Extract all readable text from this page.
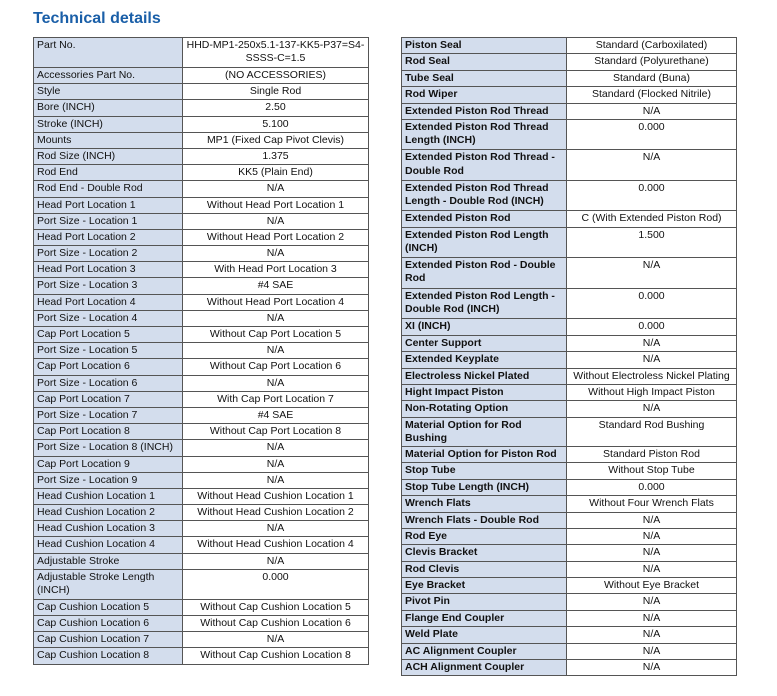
Technical details
Part No.	HHD-MP1-250x5.1-137-KK5-P37=S4-SSSS-C=1.5
Accessories Part No.	(NO ACCESSORIES)
Style	Single Rod
Bore (INCH)	2.50
Stroke (INCH)	5.100
Mounts	MP1 (Fixed Cap Pivot Clevis)
Rod Size (INCH)	1.375
Rod End	KK5 (Plain End)
Rod End - Double Rod	N/A
Head Port Location 1	Without Head Port Location 1
Port Size - Location 1	N/A
Head Port Location 2	Without Head Port Location 2
Port Size - Location 2	N/A
Head Port Location 3	With Head Port Location 3
Port Size - Location 3	#4 SAE
Head Port Location 4	Without Head Port Location 4
Port Size - Location 4	N/A
Cap Port Location 5	Without Cap Port Location 5
Port Size - Location 5	N/A
Cap Port Location 6	Without Cap Port Location 6
Port Size - Location 6	N/A
Cap Port Location 7	With Cap Port Location 7
Port Size - Location 7	#4 SAE
Cap Port Location 8	Without Cap Port Location 8
Port Size - Location 8 (INCH)	N/A
Cap Port Location 9	N/A
Port Size - Location 9	N/A
Head Cushion Location 1	Without Head Cushion Location 1
Head Cushion Location 2	Without Head Cushion Location 2
Head Cushion Location 3	N/A
Head Cushion Location 4	Without Head Cushion Location 4
Adjustable Stroke	N/A
Adjustable Stroke Length (INCH)	0.000
Cap Cushion Location 5	Without Cap Cushion Location 5
Cap Cushion Location 6	Without Cap Cushion Location 6
Cap Cushion Location 7	N/A
Cap Cushion Location 8	Without Cap Cushion Location 8
Piston Seal	Standard (Carboxilated)
Rod Seal	Standard (Polyurethane)
Tube Seal	Standard (Buna)
Rod Wiper	Standard (Flocked Nitrile)
Extended Piston Rod Thread	N/A
Extended Piston Rod Thread Length (INCH)	0.000
Extended Piston Rod Thread - Double Rod	N/A
Extended Piston Rod Thread Length - Double Rod (INCH)	0.000
Extended Piston Rod	C (With Extended Piston Rod)
Extended Piston Rod Length (INCH)	1.500
Extended Piston Rod - Double Rod	N/A
Extended Piston Rod Length - Double Rod (INCH)	0.000
XI (INCH)	0.000
Center Support	N/A
Extended Keyplate	N/A
Electroless Nickel Plated	Without Electroless Nickel Plating
Hight Impact Piston	Without High Impact Piston
Non-Rotating Option	N/A
Material Option for Rod Bushing	Standard Rod Bushing
Material Option for Piston Rod	Standard Piston Rod
Stop Tube	Without Stop Tube
Stop Tube Length (INCH)	0.000
Wrench Flats	Without Four Wrench Flats
Wrench Flats - Double Rod	N/A
Rod Eye	N/A
Clevis Bracket	N/A
Rod Clevis	N/A
Eye Bracket	Without Eye Bracket
Pivot Pin	N/A
Flange End Coupler	N/A
Weld Plate	N/A
AC Alignment Coupler	N/A
ACH Alignment Coupler	N/A
